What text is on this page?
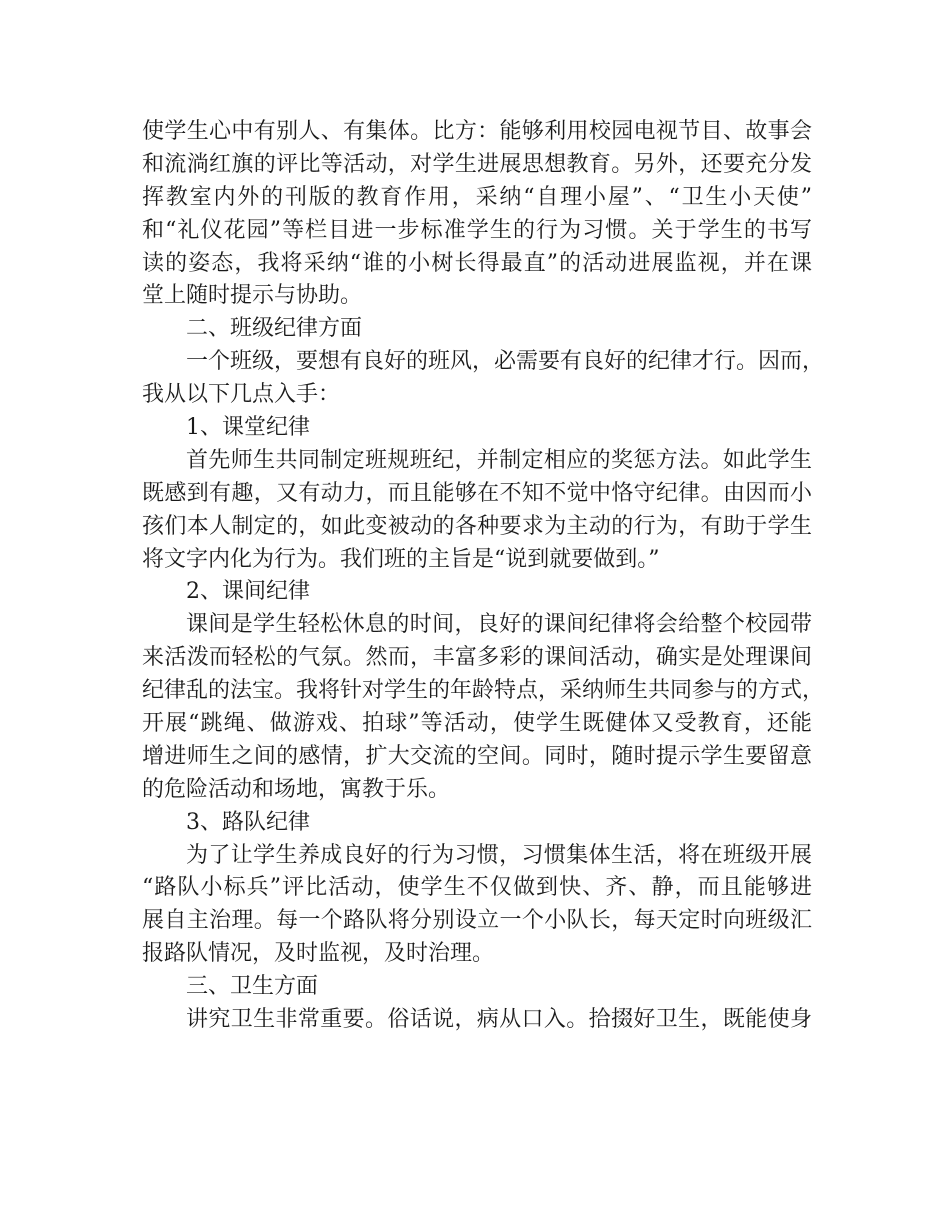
使学生心中有别人、有集体。比方：能够利用校园电视节目、故事会
和流淌红旗的评比等活动，对学生进展思想教育。另外，还要充分发
挥教室内外的刊版的教育作用，采纳“自理小屋”、“卫生小天使”
和“礼仪花园”等栏目进一步标准学生的行为习惯。关于学生的书写
读的姿态，我将采纳“谁的小树长得最直”的活动进展监视，并在课
堂上随时提示与协助。
二、班级纪律方面
一个班级，要想有良好的班风，必需要有良好的纪律才行。因而，
我从以下几点入手：
1、课堂纪律
首先师生共同制定班规班纪，并制定相应的奖惩方法。如此学生
既感到有趣，又有动力，而且能够在不知不觉中恪守纪律。由因而小
孩们本人制定的，如此变被动的各种要求为主动的行为，有助于学生
将文字内化为行为。我们班的主旨是“说到就要做到。”
2、课间纪律
课间是学生轻松休息的时间，良好的课间纪律将会给整个校园带
来活泼而轻松的气氛。然而，丰富多彩的课间活动，确实是处理课间
纪律乱的法宝。我将针对学生的年龄特点，采纳师生共同参与的方式，
开展“跳绳、做游戏、拍球”等活动，使学生既健体又受教育，还能
增进师生之间的感情，扩大交流的空间。同时，随时提示学生要留意
的危险活动和场地，寓教于乐。
3、路队纪律
为了让学生养成良好的行为习惯，习惯集体生活，将在班级开展
“路队小标兵”评比活动，使学生不仅做到快、齐、静，而且能够进
展自主治理。每一个路队将分别设立一个小队长，每天定时向班级汇
报路队情况，及时监视，及时治理。
三、卫生方面
讲究卫生非常重要。俗话说，病从口入。拾掇好卫生，既能使身
